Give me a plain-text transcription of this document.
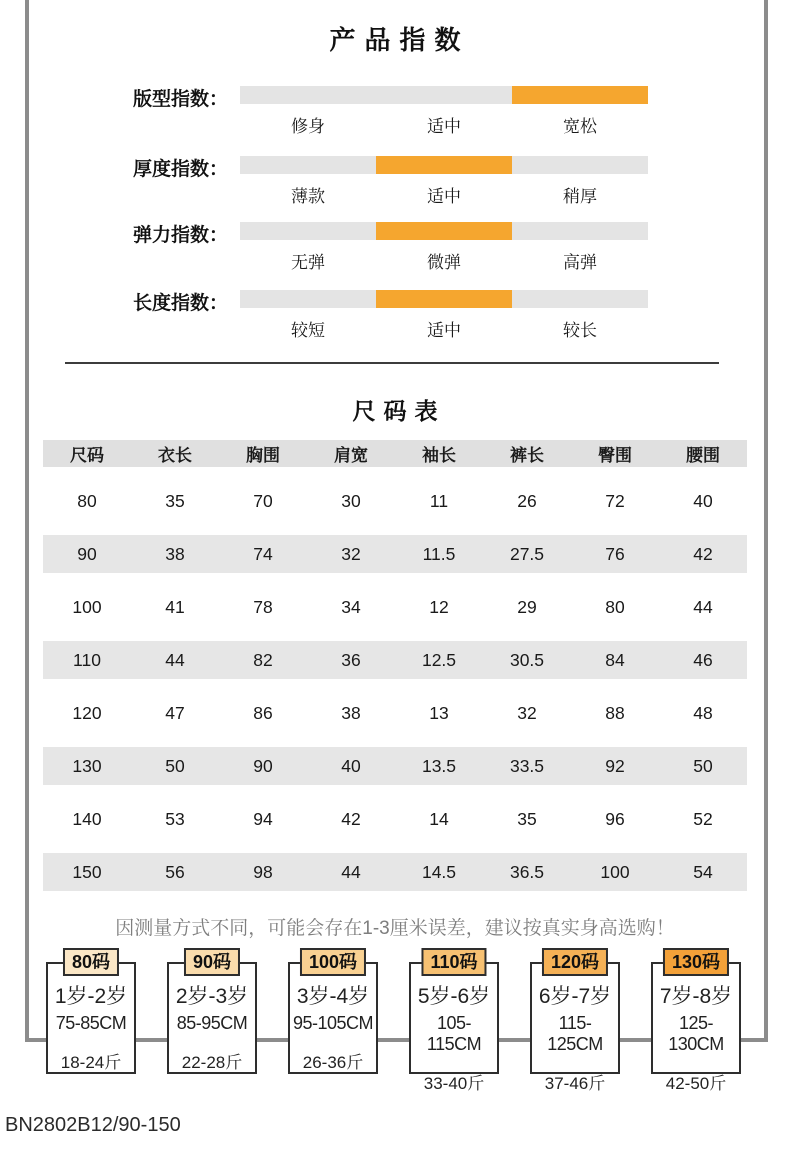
产品指数
版型指数：
修身	适中	宽松
厚度指数：
薄款	适中	稍厚
弹力指数：
无弹	微弹	高弹
长度指数：
较短	适中	较长
尺码表
尺码	衣长	胸围	肩宽	袖长	裤长	臀围	腰围
80	35	70	30	11	26	72	40
90	38	74	32	11.5	27.5	76	42
100	41	78	34	12	29	80	44
110	44	82	36	12.5	30.5	84	46
120	47	86	38	13	32	88	48
130	50	90	40	13.5	33.5	92	50
140	53	94	42	14	35	96	52
150	56	98	44	14.5	36.5	100	54
因测量方式不同，可能会存在1-3厘米误差，建议按真实身高选购！
80码
1岁-2岁
75-85CM
18-24斤
90码
2岁-3岁
85-95CM
22-28斤
100码
3岁-4岁
95-105CM
26-36斤
110码
5岁-6岁
105-115CM
33-40斤
120码
6岁-7岁
115-125CM
37-46斤
130码
7岁-8岁
125-130CM
42-50斤
BN2802B12/90-150
